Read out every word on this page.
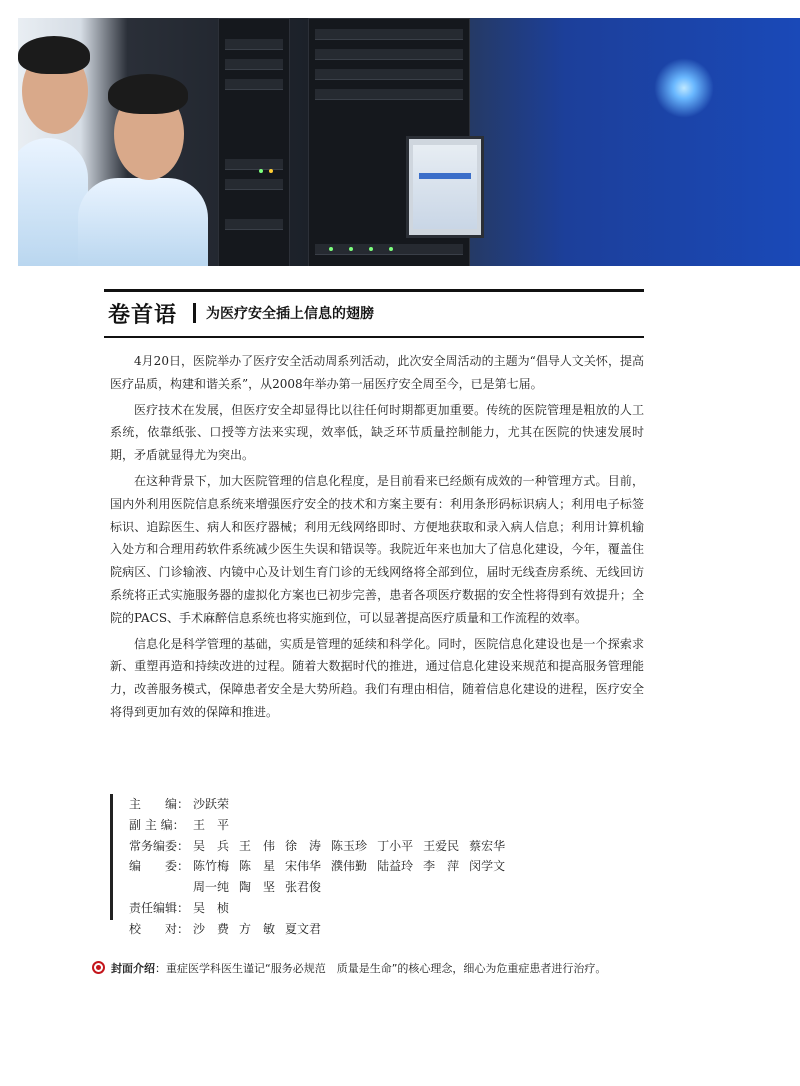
卷首语 为医疗安全插上信息的翅膀

4月20日，医院举办了医疗安全活动周系列活动，此次安全周活动的主题为“倡导人文关怀，提高医疗品质，构建和谐关系”，从2008年举办第一届医疗安全周至今，已是第七届。

医疗技术在发展，但医疗安全却显得比以往任何时期都更加重要。传统的医院管理是粗放的人工系统，依靠纸张、口授等方法来实现，效率低，缺乏环节质量控制能力，尤其在医院的快速发展时期，矛盾就显得尤为突出。

在这种背景下，加大医院管理的信息化程度，是目前看来已经颇有成效的一种管理方式。目前，国内外利用医院信息系统来增强医疗安全的技术和方案主要有：利用条形码标识病人；利用电子标签标识、追踪医生、病人和医疗器械；利用无线网络即时、方便地获取和录入病人信息；利用计算机输入处方和合理用药软件系统减少医生失误和错误等。我院近年来也加大了信息化建设，今年，覆盖住院病区、门诊输液、内镜中心及计划生育门诊的无线网络将全部到位，届时无线查房系统、无线回访系统将正式实施服务器的虚拟化方案也已初步完善，患者各项医疗数据的安全性将得到有效提升；全院的PACS、手术麻醉信息系统也将实施到位，可以显著提高医疗质量和工作流程的效率。

信息化是科学管理的基础，实质是管理的延续和科学化。同时，医院信息化建设也是一个探索求新、重塑再造和持续改进的过程。随着大数据时代的推进，通过信息化建设来规范和提高服务管理能力，改善服务模式，保障患者安全是大势所趋。我们有理由相信，随着信息化建设的进程，医疗安全将得到更加有效的保障和推进。

主　　编： 沙跃荣
副 主 编： 王　平
常务编委： 吴　兵 王　伟 徐　涛 陈玉珍 丁小平 王爱民 蔡宏华
编　　委： 陈竹梅 陈　星 宋伟华 濮伟勤 陆益玲 李　萍 闵学文
周一纯 陶　坚 张君俊
责任编辑： 吴　桢
校　　对： 沙　费 方　敏 夏文君
封面介绍：重症医学科医生谨记“服务必规范　质量是生命”的核心理念，细心为危重症患者进行治疗。
